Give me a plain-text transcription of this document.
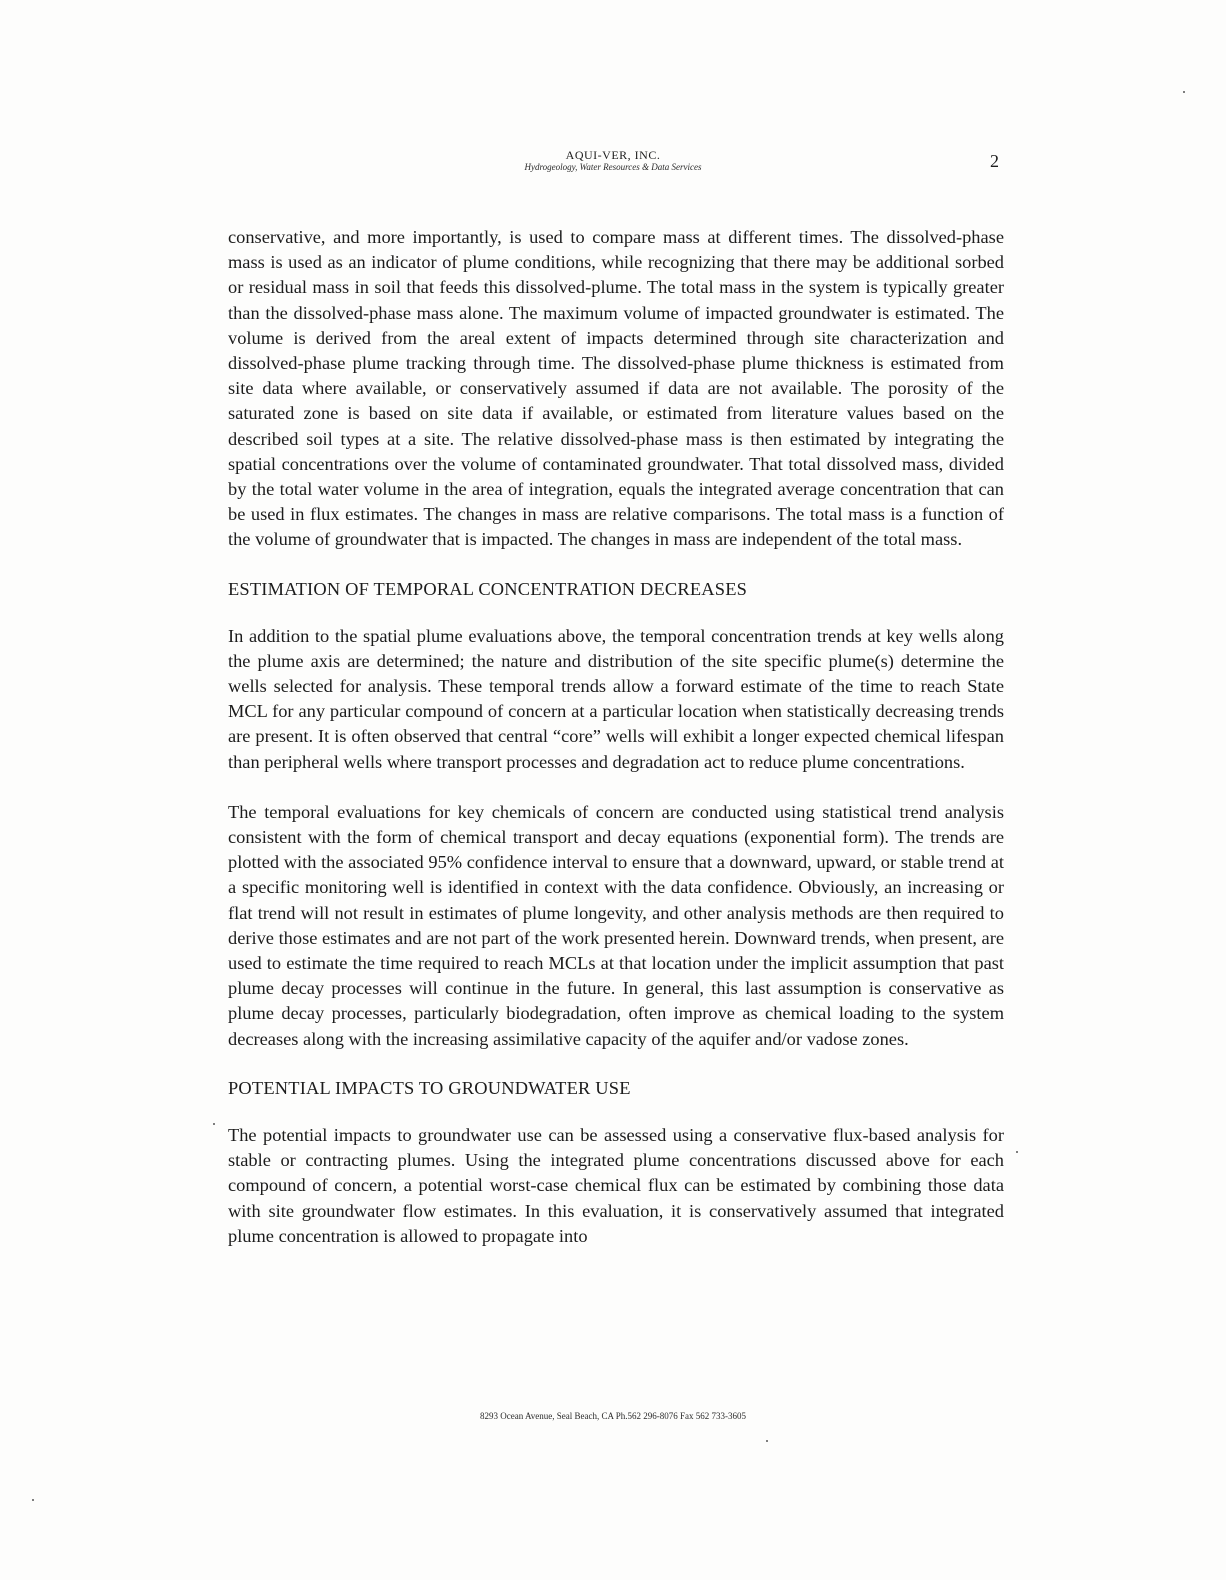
AQUI-VER, INC.
Hydrogeology, Water Resources & Data Services	2

conservative, and more importantly, is used to compare mass at different times. The dissolved-phase mass is used as an indicator of plume conditions, while recognizing that there may be additional sorbed or residual mass in soil that feeds this dissolved-plume. The total mass in the system is typically greater than the dissolved-phase mass alone. The maximum volume of impacted groundwater is estimated. The volume is derived from the areal extent of impacts determined through site characterization and dissolved-phase plume tracking through time. The dissolved-phase plume thickness is estimated from site data where available, or conservatively assumed if data are not available. The porosity of the saturated zone is based on site data if available, or estimated from literature values based on the described soil types at a site. The relative dissolved-phase mass is then estimated by integrating the spatial concentrations over the volume of contaminated groundwater. That total dissolved mass, divided by the total water volume in the area of integration, equals the integrated average concentration that can be used in flux estimates. The changes in mass are relative comparisons. The total mass is a function of the volume of groundwater that is impacted. The changes in mass are independent of the total mass.

ESTIMATION OF TEMPORAL CONCENTRATION DECREASES

In addition to the spatial plume evaluations above, the temporal concentration trends at key wells along the plume axis are determined; the nature and distribution of the site specific plume(s) determine the wells selected for analysis. These temporal trends allow a forward estimate of the time to reach State MCL for any particular compound of concern at a particular location when statistically decreasing trends are present. It is often observed that central “core” wells will exhibit a longer expected chemical lifespan than peripheral wells where transport processes and degradation act to reduce plume concentrations.

The temporal evaluations for key chemicals of concern are conducted using statistical trend analysis consistent with the form of chemical transport and decay equations (exponential form). The trends are plotted with the associated 95% confidence interval to ensure that a downward, upward, or stable trend at a specific monitoring well is identified in context with the data confidence. Obviously, an increasing or flat trend will not result in estimates of plume longevity, and other analysis methods are then required to derive those estimates and are not part of the work presented herein. Downward trends, when present, are used to estimate the time required to reach MCLs at that location under the implicit assumption that past plume decay processes will continue in the future. In general, this last assumption is conservative as plume decay processes, particularly biodegradation, often improve as chemical loading to the system decreases along with the increasing assimilative capacity of the aquifer and/or vadose zones.

POTENTIAL IMPACTS TO GROUNDWATER USE

The potential impacts to groundwater use can be assessed using a conservative flux-based analysis for stable or contracting plumes. Using the integrated plume concentrations discussed above for each compound of concern, a potential worst-case chemical flux can be estimated by combining those data with site groundwater flow estimates. In this evaluation, it is conservatively assumed that integrated plume concentration is allowed to propagate into

8293 Ocean Avenue, Seal Beach, CA Ph.562 296-8076 Fax 562 733-3605
